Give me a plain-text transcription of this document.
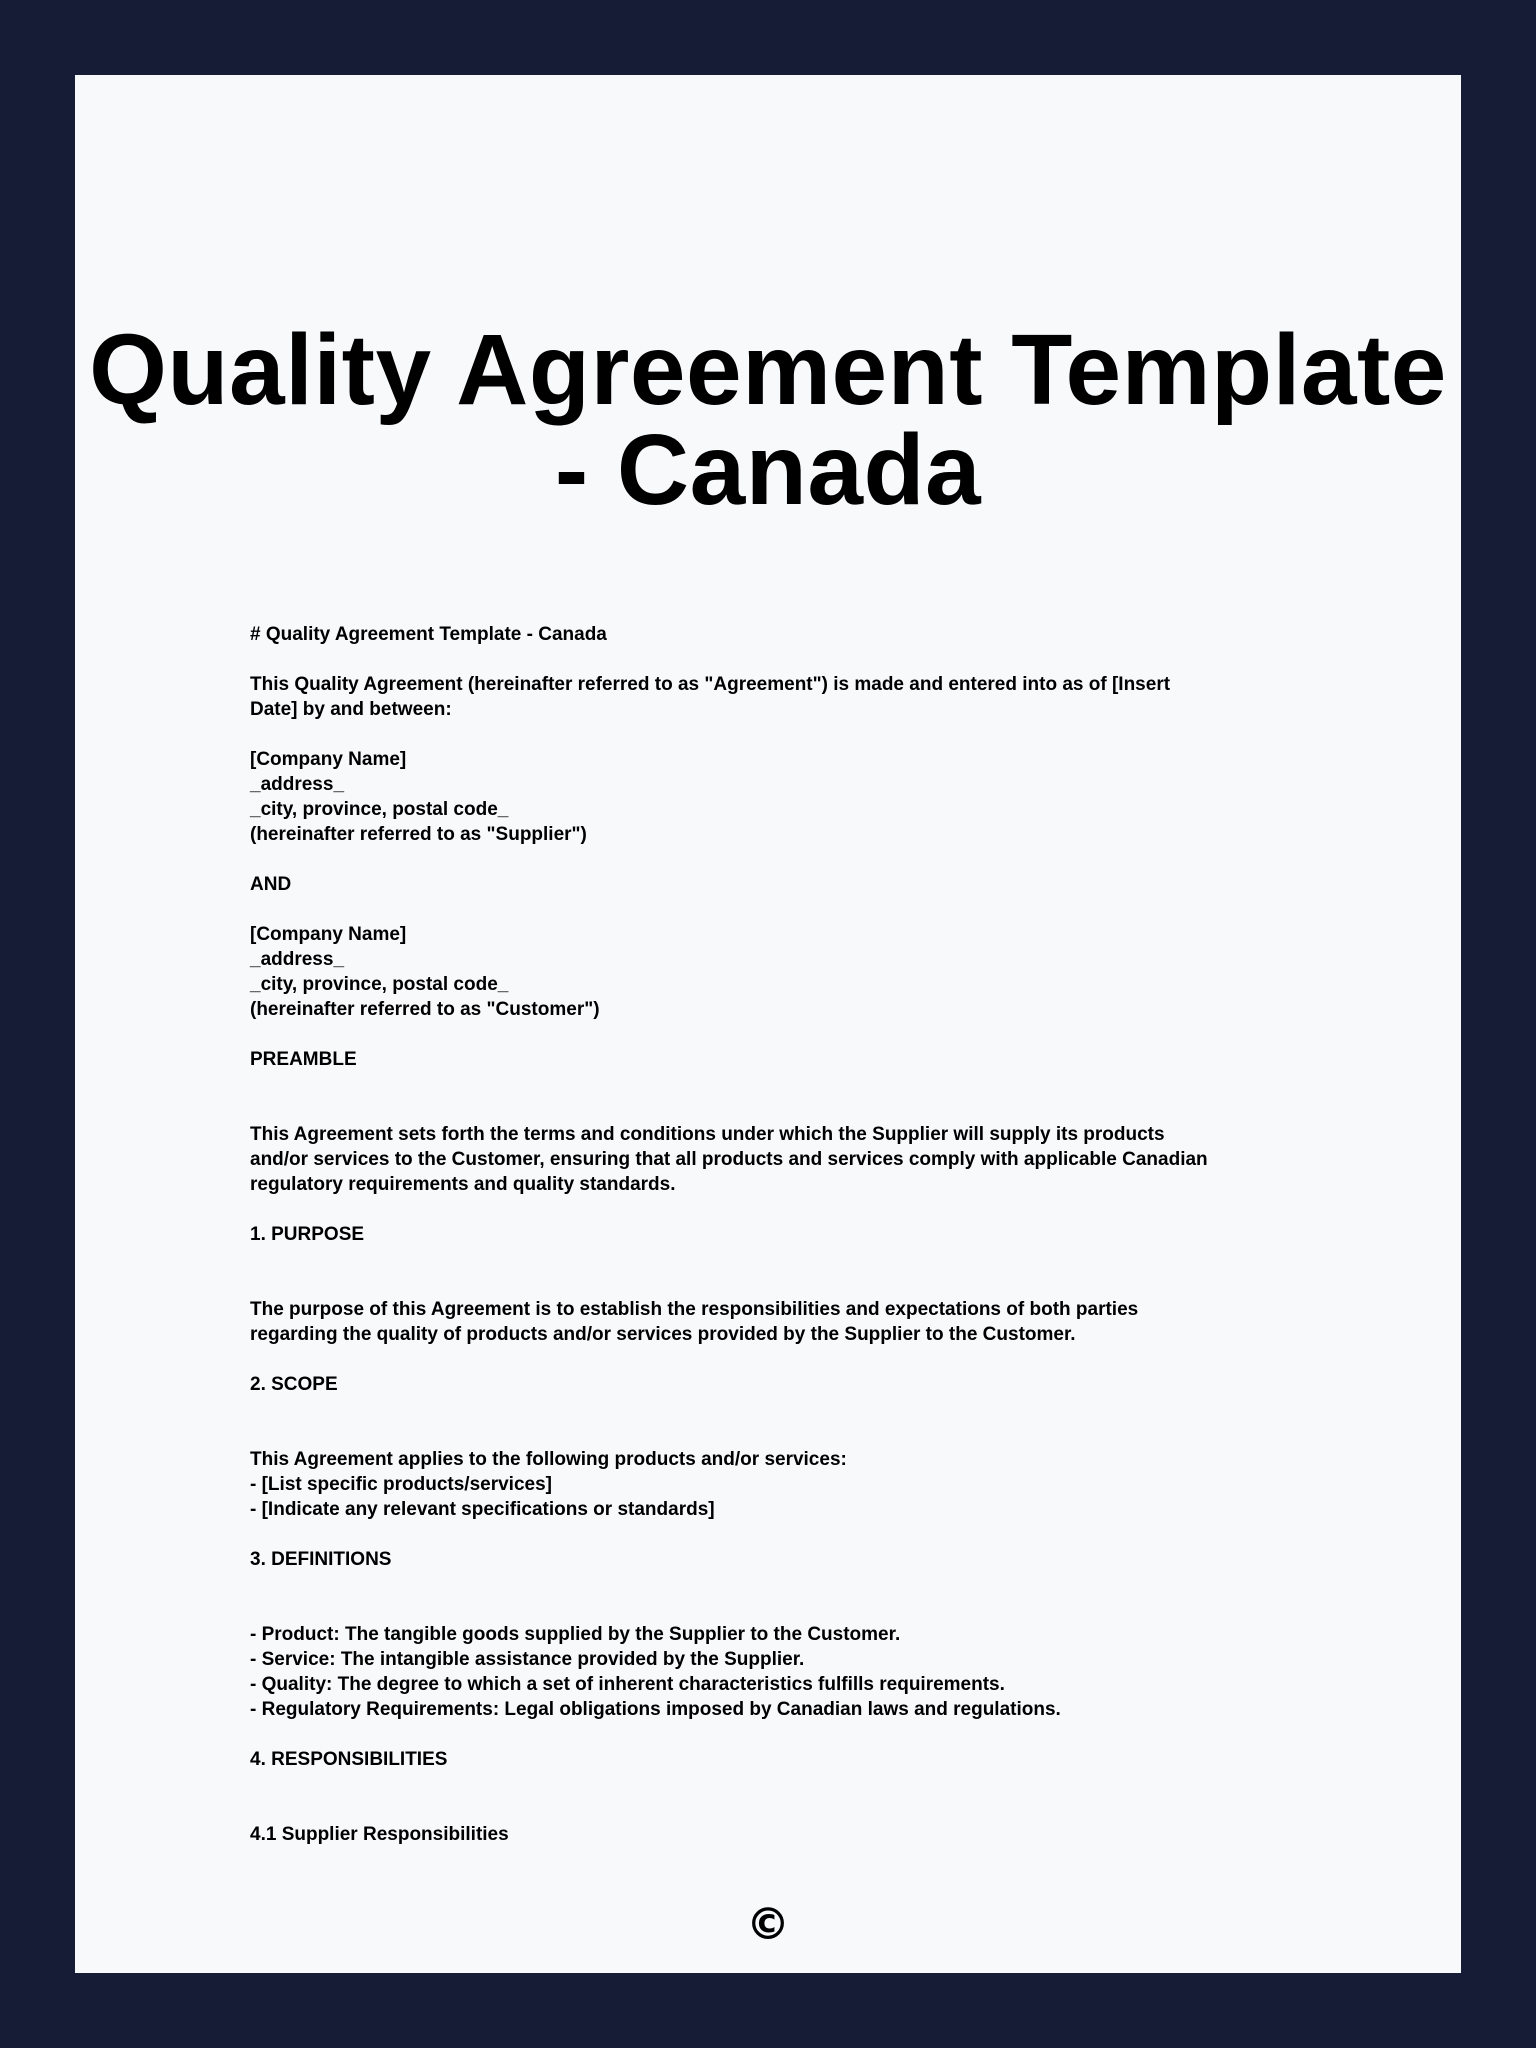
Quality Agreement Template
- Canada
# Quality Agreement Template - Canada
This Quality Agreement (hereinafter referred to as "Agreement") is made and entered into as of [Insert
Date] by and between:
[Company Name]
_address_
_city, province, postal code_
(hereinafter referred to as "Supplier")
AND
[Company Name]
_address_
_city, province, postal code_
(hereinafter referred to as "Customer")
PREAMBLE
This Agreement sets forth the terms and conditions under which the Supplier will supply its products
and/or services to the Customer, ensuring that all products and services comply with applicable Canadian
regulatory requirements and quality standards.
1. PURPOSE
The purpose of this Agreement is to establish the responsibilities and expectations of both parties
regarding the quality of products and/or services provided by the Supplier to the Customer.
2. SCOPE
This Agreement applies to the following products and/or services:
- [List specific products/services]
- [Indicate any relevant specifications or standards]
3. DEFINITIONS
- Product: The tangible goods supplied by the Supplier to the Customer.
- Service: The intangible assistance provided by the Supplier.
- Quality: The degree to which a set of inherent characteristics fulfills requirements.
- Regulatory Requirements: Legal obligations imposed by Canadian laws and regulations.
4. RESPONSIBILITIES
4.1 Supplier Responsibilities
©
